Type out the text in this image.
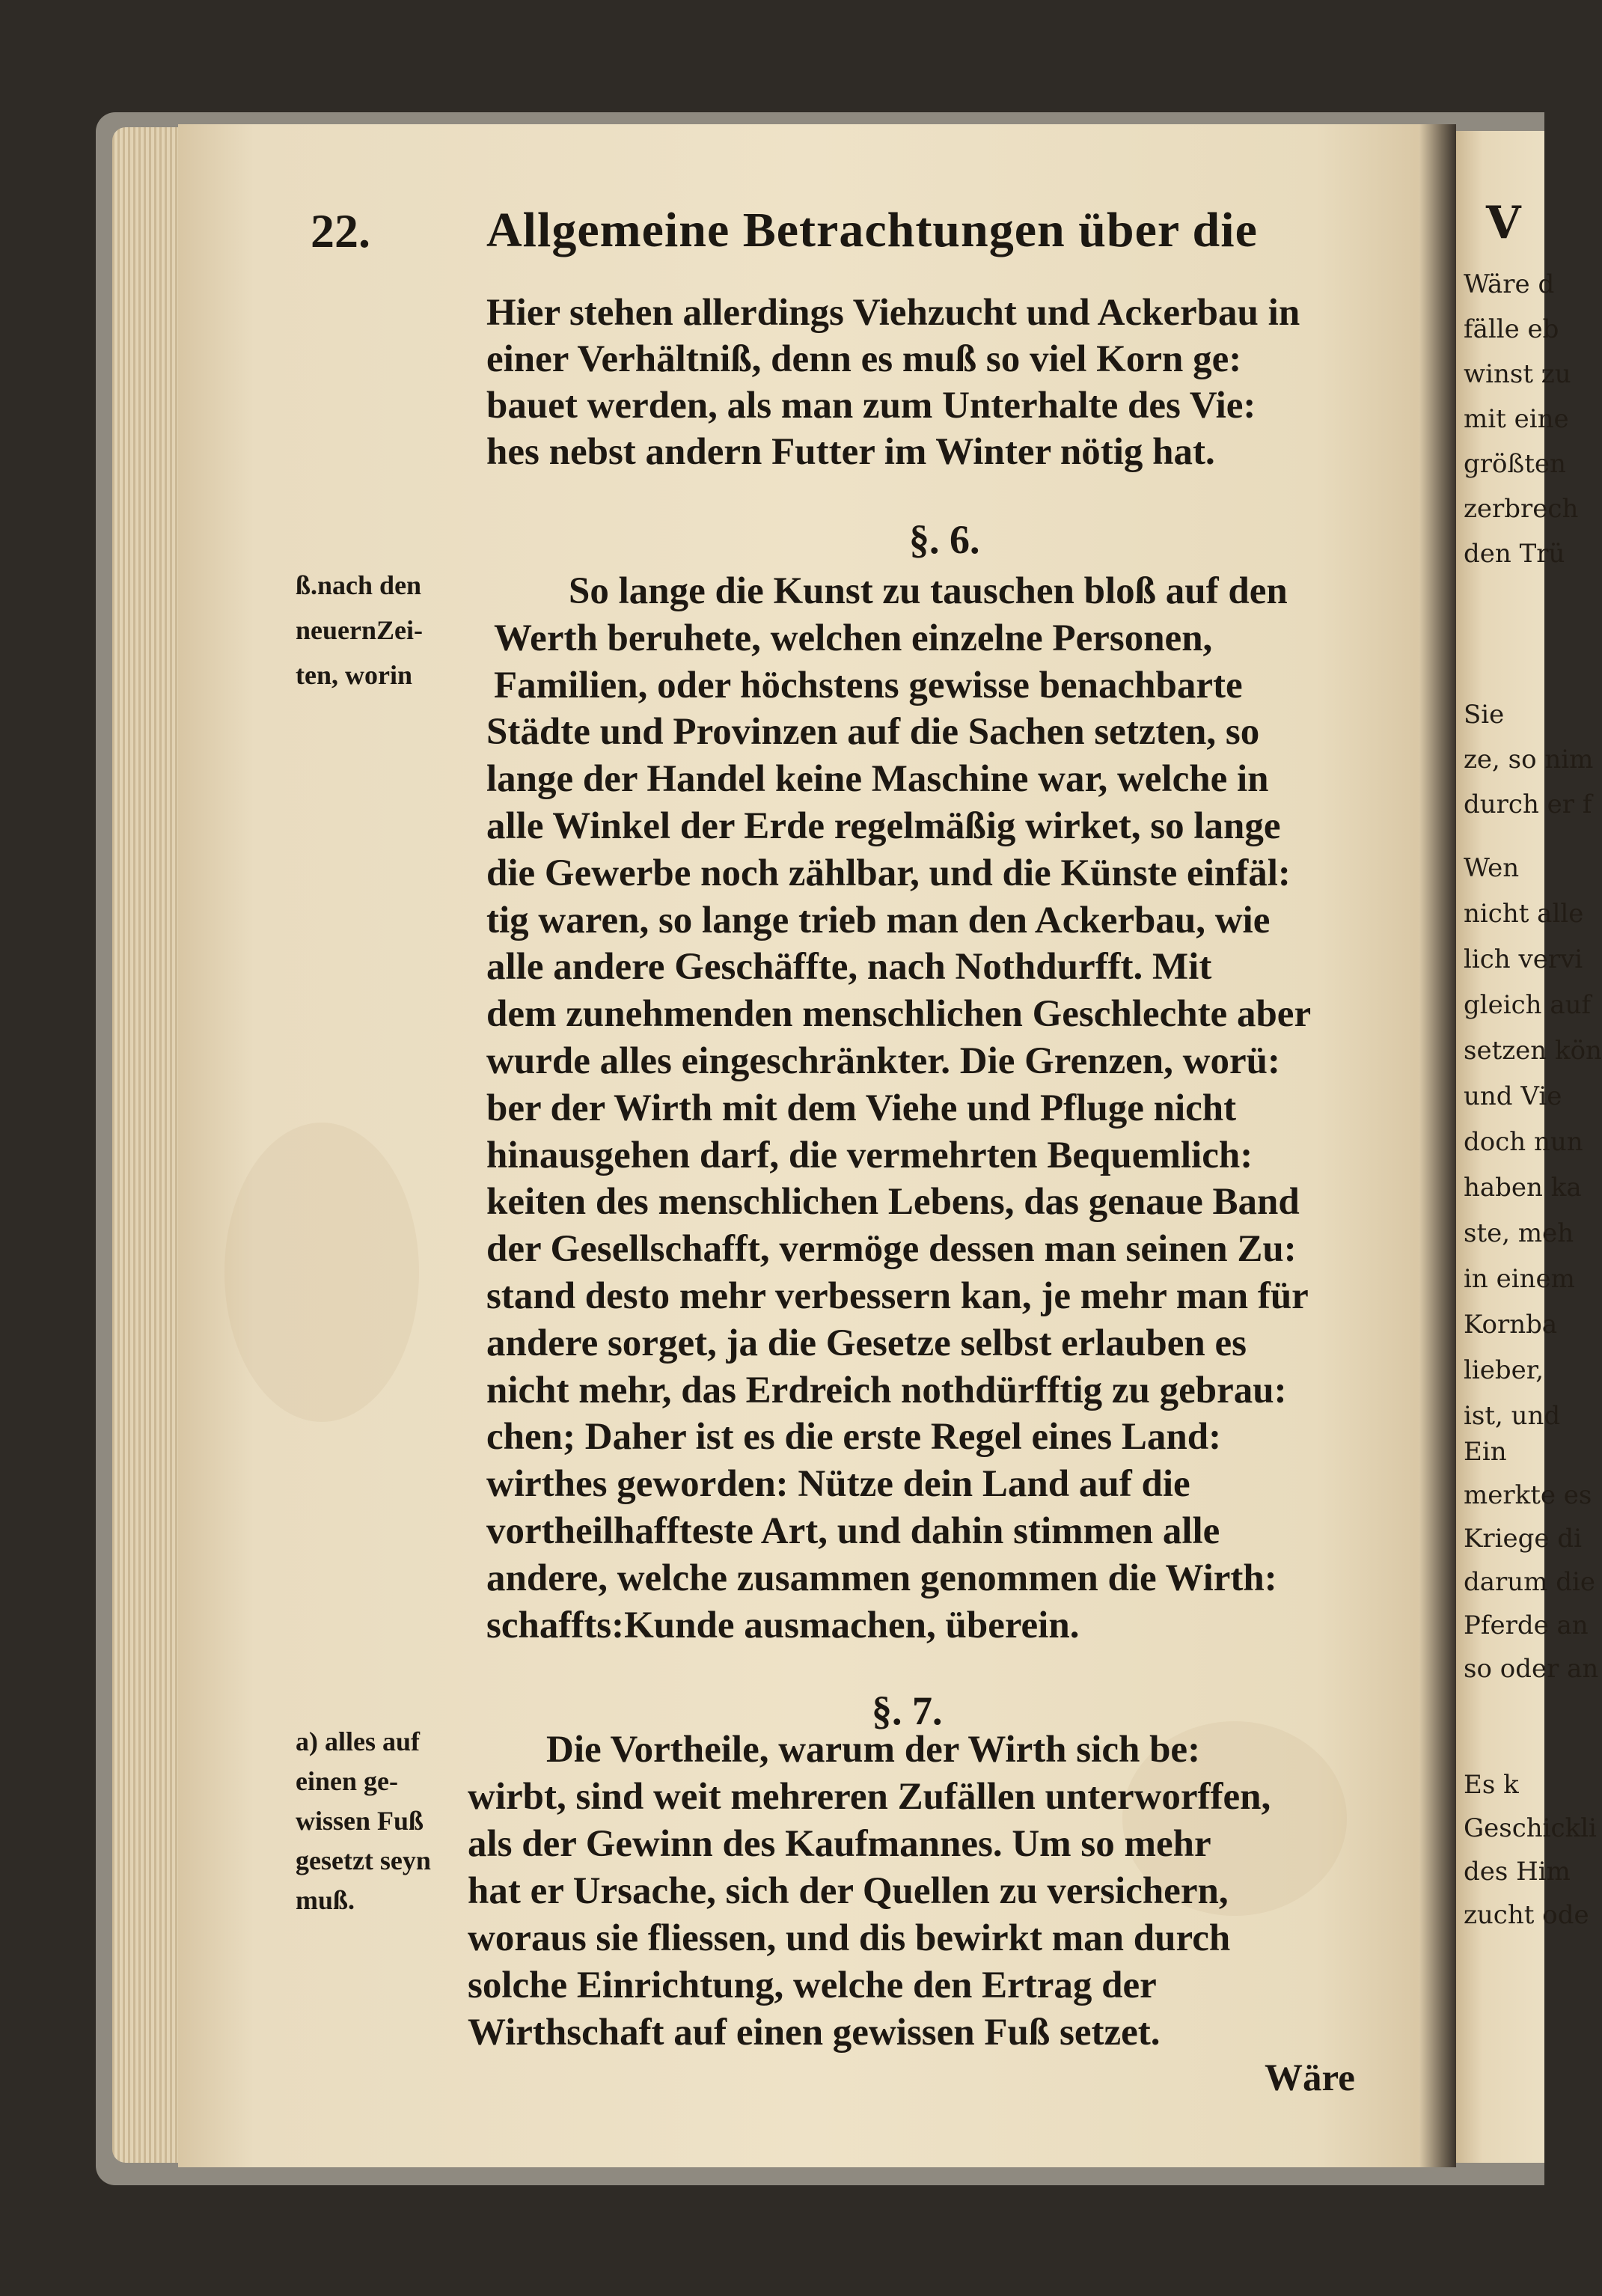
V
Wäre d
fälle eb
winst zu
mit eine
größten
zerbrech
den Trü
Sie
ze, so nim
durch er f
Wen
nicht alle
lich vervi
gleich auf
setzen kön
und Vie
doch nun
haben ka
ste, meh
in einem
Kornba
lieber,
ist, und
Ein
merkte es
Kriege di
darum die
Pferde an
so oder an
Es k
Geschickli
des Him
zucht ode
22. Allgemeine Betrachtungen über die
Hier stehen allerdings Viehzucht und Ackerbau in
einer Verhältniß, denn es muß so viel Korn ge:
bauet werden, als man zum Unterhalte des Vie:
hes nebst andern Futter im Winter nötig hat.
§. 6.
ß.nach den
neuernZei-
ten, worin
So lange die Kunst zu tauschen bloß auf den
Werth beruhete, welchen einzelne Personen,
Familien, oder höchstens gewisse benachbarte
Städte und Provinzen auf die Sachen setzten, so
lange der Handel keine Maschine war, welche in
alle Winkel der Erde regelmäßig wirket, so lange
die Gewerbe noch zählbar, und die Künste einfäl:
tig waren, so lange trieb man den Ackerbau, wie
alle andere Geschäffte, nach Nothdurfft. Mit
dem zunehmenden menschlichen Geschlechte aber
wurde alles eingeschränkter. Die Grenzen, worü:
ber der Wirth mit dem Viehe und Pfluge nicht
hinausgehen darf, die vermehrten Bequemlich:
keiten des menschlichen Lebens, das genaue Band
der Gesellschafft, vermöge dessen man seinen Zu:
stand desto mehr verbessern kan, je mehr man für
andere sorget, ja die Gesetze selbst erlauben es
nicht mehr, das Erdreich nothdürfftig zu gebrau:
chen; Daher ist es die erste Regel eines Land:
wirthes geworden: Nütze dein Land auf die
vortheilhaffteste Art, und dahin stimmen alle
andere, welche zusammen genommen die Wirth:
schaffts:Kunde ausmachen, überein.
§. 7.
a) alles auf
einen ge-
wissen Fuß
gesetzt seyn
muß.
Die Vortheile, warum der Wirth sich be:
wirbt, sind weit mehreren Zufällen unterworffen,
als der Gewinn des Kaufmannes. Um so mehr
hat er Ursache, sich der Quellen zu versichern,
woraus sie fliessen, und dis bewirkt man durch
solche Einrichtung, welche den Ertrag der
Wirthschaft auf einen gewissen Fuß setzet.
Wäre
